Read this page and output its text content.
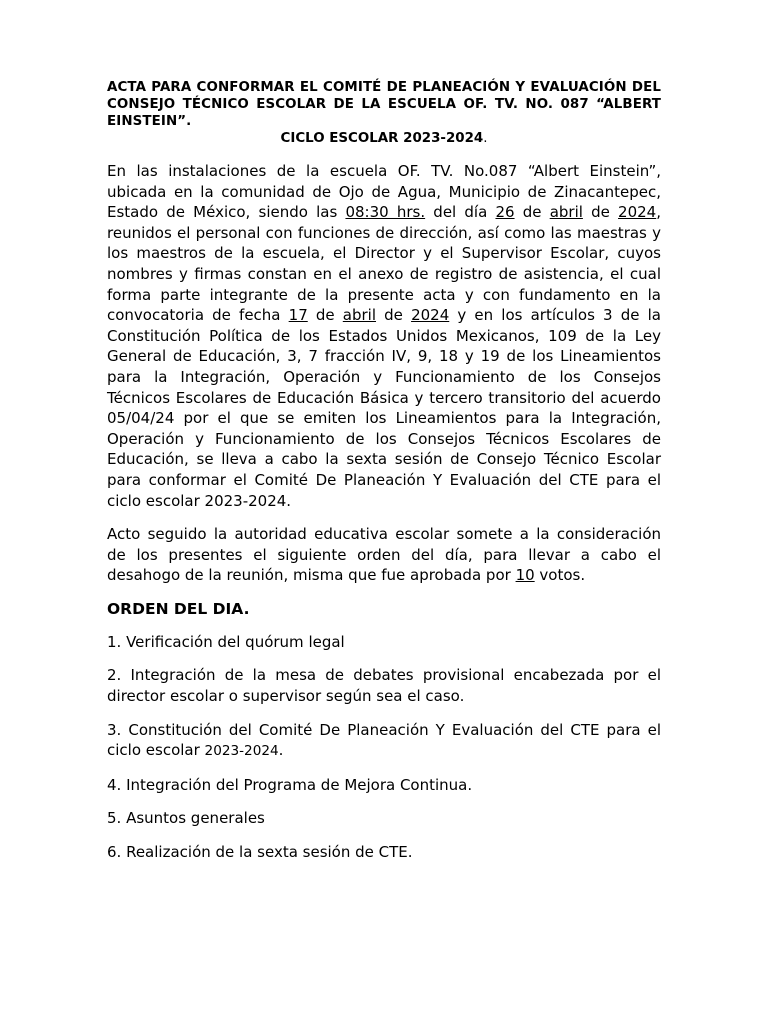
ACTA PARA CONFORMAR EL COMITÉ DE PLANEACIÓN Y EVALUACIÓN DEL CONSEJO TÉCNICO ESCOLAR DE LA ESCUELA OF. TV. NO. 087 “ALBERT EINSTEIN”.

CICLO ESCOLAR 2023-2024.

En las instalaciones de la escuela OF. TV. No.087 “Albert Einstein”, ubicada en la comunidad de Ojo de Agua, Municipio de Zinacantepec, Estado de México, siendo las 08:30 hrs. del día 26 de abril de 2024, reunidos el personal con funciones de dirección, así como las maestras y los maestros de la escuela, el Director y el Supervisor Escolar, cuyos nombres y firmas constan en el anexo de registro de asistencia, el cual forma parte integrante de la presente acta y con fundamento en la convocatoria de fecha 17 de abril de 2024 y en los artículos 3 de la Constitución Política de los Estados Unidos Mexicanos, 109 de la Ley General de Educación, 3, 7 fracción IV, 9, 18 y 19 de los Lineamientos para la Integración, Operación y Funcionamiento de los Consejos Técnicos Escolares de Educación Básica y tercero transitorio del acuerdo 05/04/24 por el que se emiten los Lineamientos para la Integración, Operación y Funcionamiento de los Consejos Técnicos Escolares de Educación, se lleva a cabo la sexta sesión de Consejo Técnico Escolar para conformar el Comité De Planeación Y Evaluación del CTE para el ciclo escolar 2023-2024.

Acto seguido la autoridad educativa escolar somete a la consideración de los presentes el siguiente orden del día, para llevar a cabo el desahogo de la reunión, misma que fue aprobada por 10 votos.

ORDEN DEL DIA.

1. Verificación del quórum legal

2. Integración de la mesa de debates provisional encabezada por el director escolar o supervisor según sea el caso.

3. Constitución del Comité De Planeación Y Evaluación del CTE para el ciclo escolar 2023-2024.

4. Integración del Programa de Mejora Continua.

5. Asuntos generales

6. Realización de la sexta sesión de CTE.
